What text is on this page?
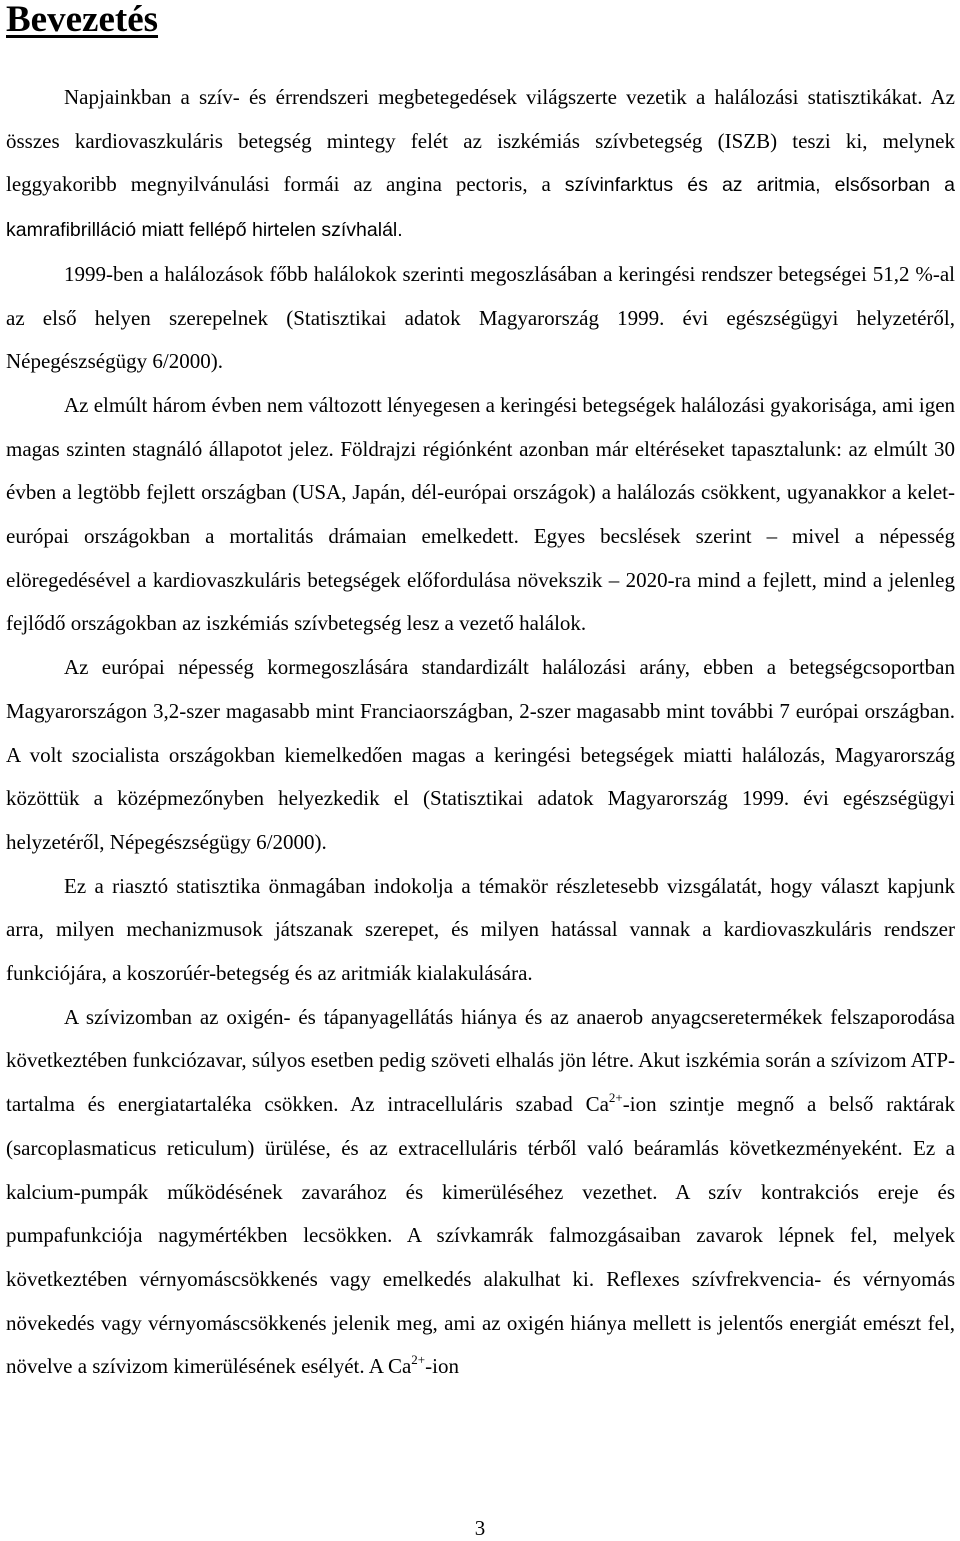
Bevezetés

Napjainkban a szív- és érrendszeri megbetegedések világszerte vezetik a halálozási statisztikákat. Az összes kardiovaszkuláris betegség mintegy felét az iszkémiás szívbetegség (ISZB) teszi ki, melynek leggyakoribb megnyilvánulási formái az angina pectoris, a szívinfarktus és az aritmia, elsősorban a kamrafibrilláció miatt fellépő hirtelen szívhalál.

1999-ben a halálozások főbb halálokok szerinti megoszlásában a keringési rendszer betegségei 51,2 %-al az első helyen szerepelnek (Statisztikai adatok Magyarország 1999. évi egészségügyi helyzetéről, Népegészségügy 6/2000).

Az elmúlt három évben nem változott lényegesen a keringési betegségek halálozási gyakorisága, ami igen magas szinten stagnáló állapotot jelez. Földrajzi régiónként azonban már eltéréseket tapasztalunk: az elmúlt 30 évben a legtöbb fejlett országban (USA, Japán, dél-európai országok) a halálozás csökkent, ugyanakkor a kelet-európai országokban a mortalitás drámaian emelkedett. Egyes becslések szerint – mivel a népesség elöregedésével a kardiovaszkuláris betegségek előfordulása növekszik – 2020-ra mind a fejlett, mind a jelenleg fejlődő országokban az iszkémiás szívbetegség lesz a vezető halálok.

Az európai népesség kormegoszlására standardizált halálozási arány, ebben a betegségcsoportban Magyarországon 3,2-szer magasabb mint Franciaországban, 2-szer magasabb mint további 7 európai országban. A volt szocialista országokban kiemelkedően magas a keringési betegségek miatti halálozás, Magyarország közöttük a középmezőnyben helyezkedik el (Statisztikai adatok Magyarország 1999. évi egészségügyi helyzetéről, Népegészségügy 6/2000).

Ez a riasztó statisztika önmagában indokolja a témakör részletesebb vizsgálatát, hogy választ kapjunk arra, milyen mechanizmusok játszanak szerepet, és milyen hatással vannak a kardiovaszkuláris rendszer funkciójára, a koszorúér-betegség és az aritmiák kialakulására.

A szívizomban az oxigén- és tápanyagellátás hiánya és az anaerob anyagcseretermékek felszaporodása következtében funkciózavar, súlyos esetben pedig szöveti elhalás jön létre. Akut iszkémia során a szívizom ATP-tartalma és energiatartaléka csökken. Az intracelluláris szabad $Ca^{2+}$-ion szintje megnő a belső raktárak (sarcoplasmaticus reticulum) ürülése, és az extracelluláris térből való beáramlás következményeként. Ez a kalcium-pumpák működésének zavarához és kimerüléséhez vezethet. A szív kontrakciós ereje és pumpafunkciója nagymértékben lecsökken. A szívkamrák falmozgásaiban zavarok lépnek fel, melyek következtében vérnyomáscsökkenés vagy emelkedés alakulhat ki. Reflexes szívfrekvencia- és vérnyomás növekedés vagy vérnyomáscsökkenés jelenik meg, ami az oxigén hiánya mellett is jelentős energiát emészt fel, növelve a szívizom kimerülésének esélyét. A $Ca^{2+}$-ion

3
